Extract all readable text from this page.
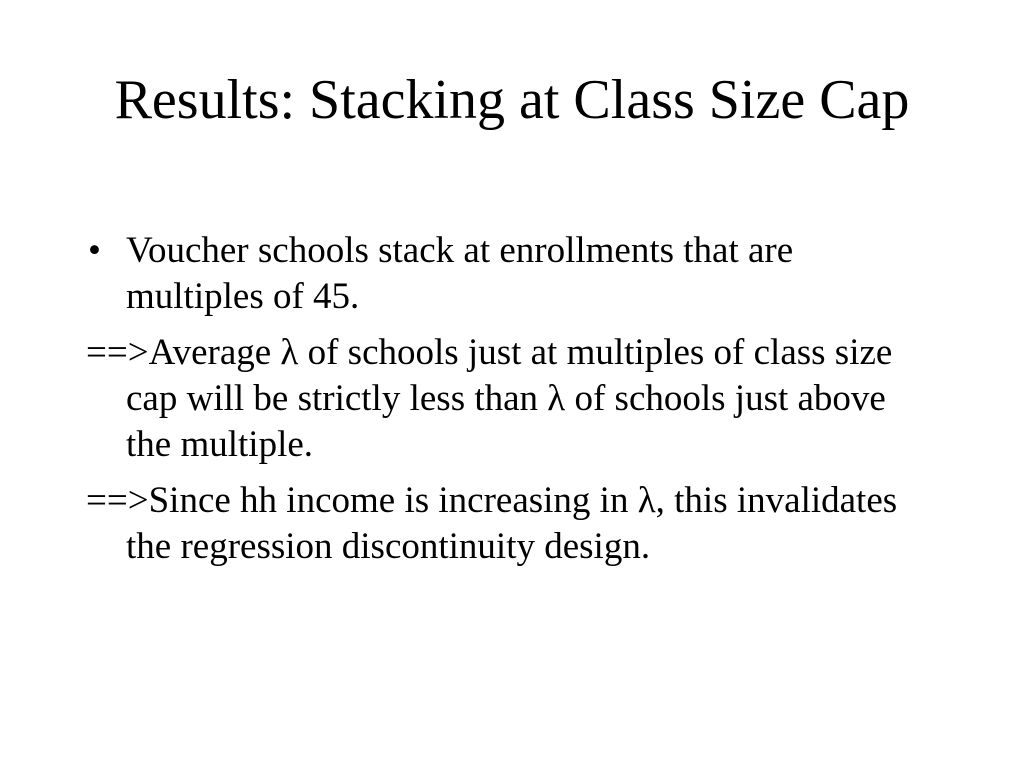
Results: Stacking at Class Size Cap
• Voucher schools stack at enrollments that are multiples of 45.
==>Average λ of schools just at multiples of class size cap will be strictly less than λ of schools just above the multiple.
==>Since hh income is increasing in λ, this invalidates the regression discontinuity design.
